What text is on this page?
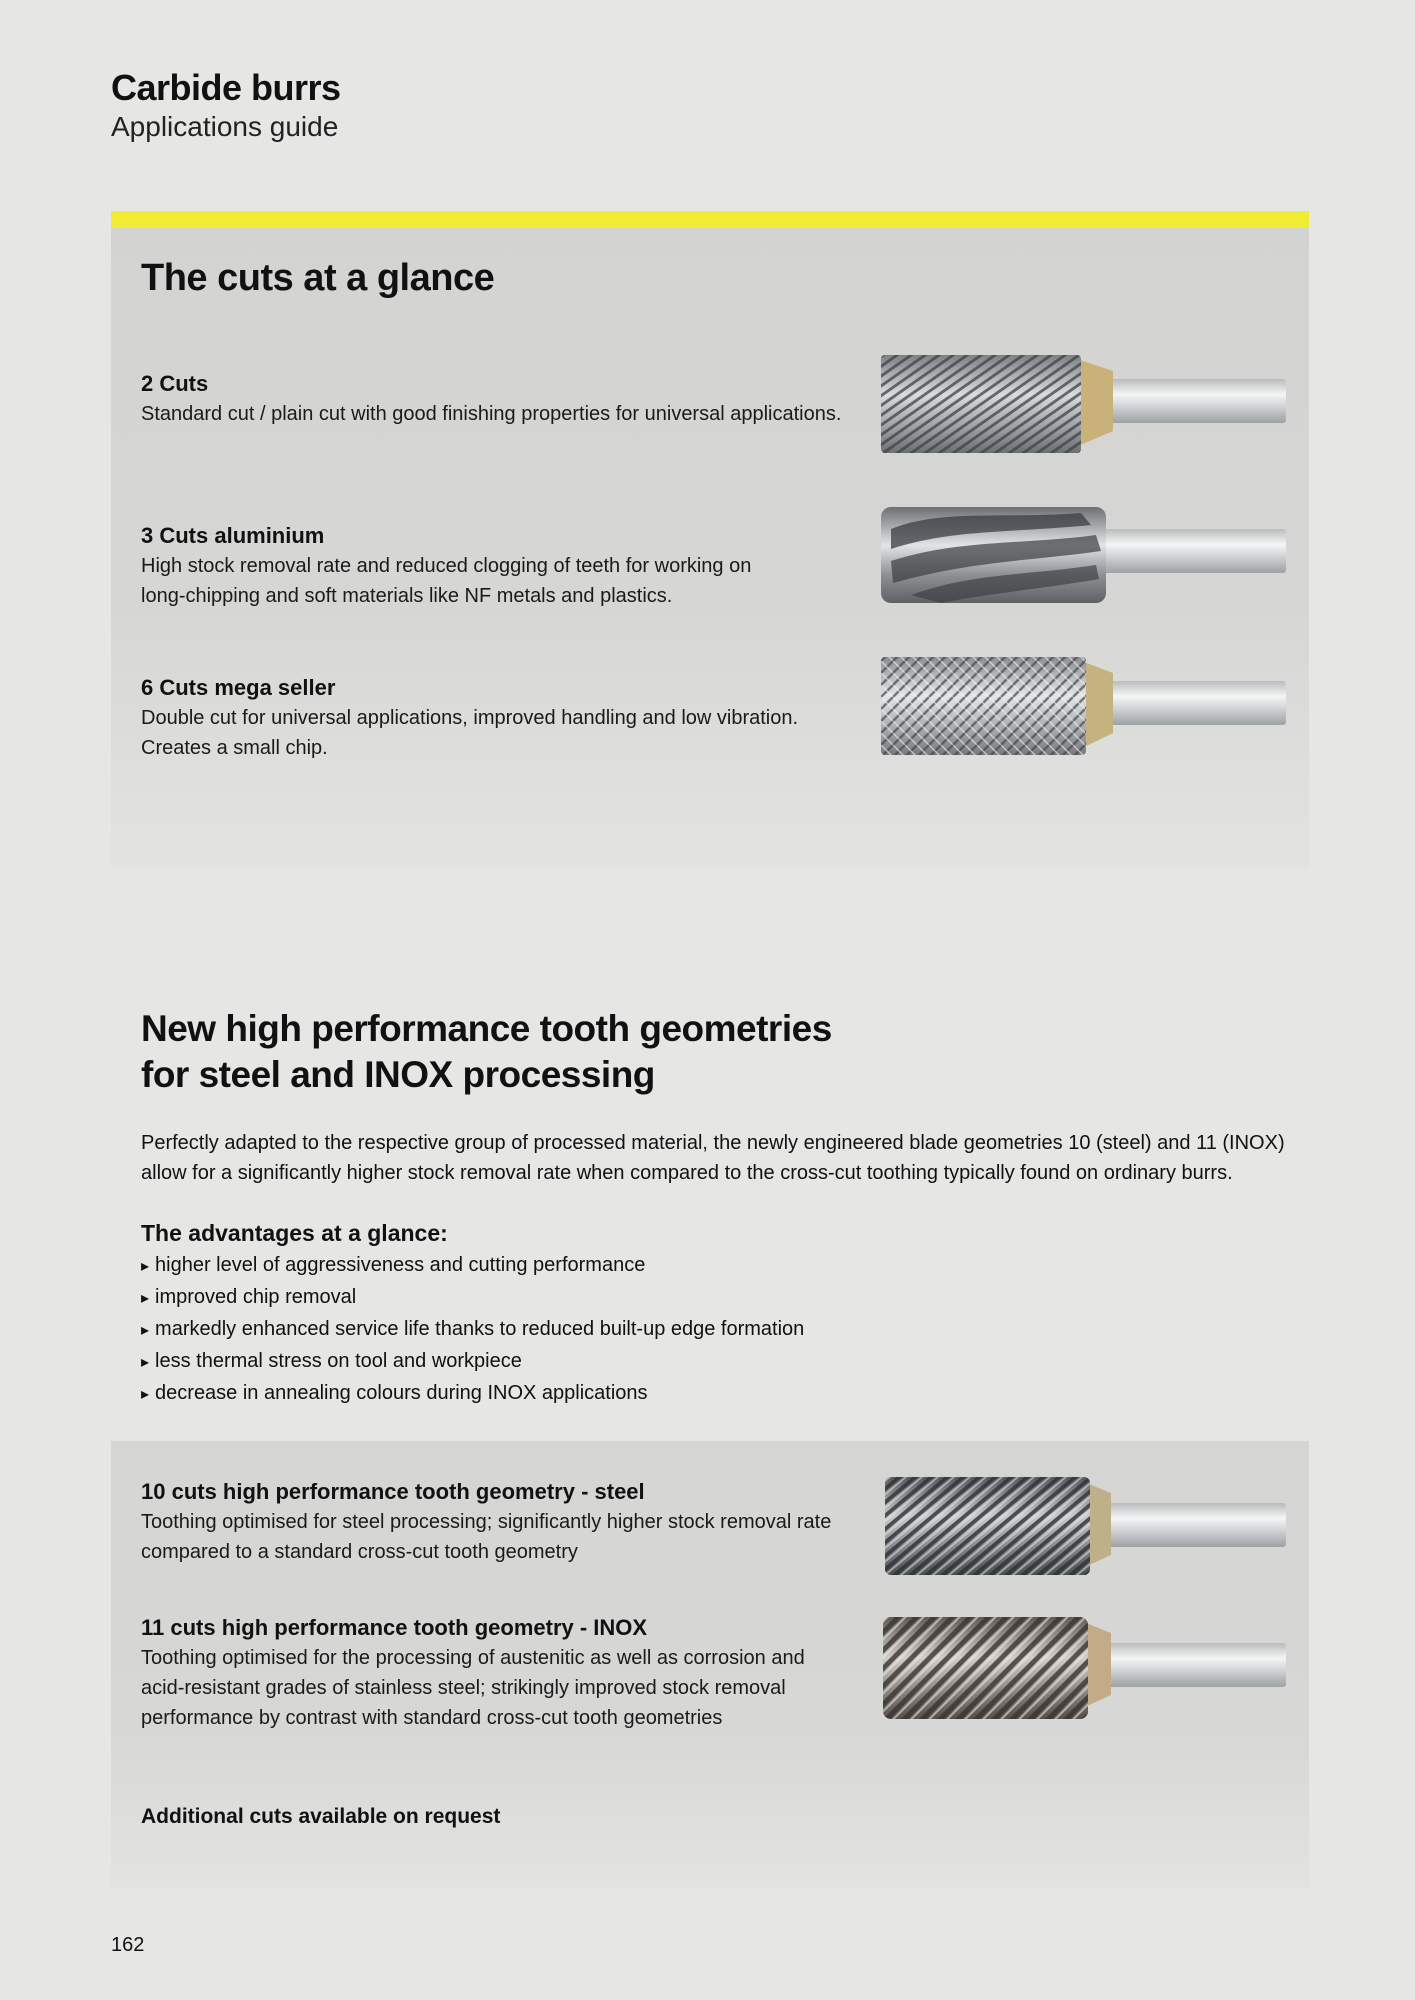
Carbide burrs
Applications guide
The cuts at a glance
2 Cuts
Standard cut / plain cut with good finishing properties for universal applications.
3 Cuts aluminium
High stock removal rate and reduced clogging of teeth for working on
long-chipping and soft materials like NF metals and plastics.
6 Cuts mega seller
Double cut for universal applications, improved handling and low vibration.
Creates a small chip.
New high performance tooth geometries
for steel and INOX processing
Perfectly adapted to the respective group of processed material, the newly engineered blade geometries 10 (steel) and 11 (INOX)
allow for a significantly higher stock removal rate when compared to the cross-cut toothing typically found on ordinary burrs.
The advantages at a glance:
▸ higher level of aggressiveness and cutting performance
▸ improved chip removal
▸ markedly enhanced service life thanks to reduced built-up edge formation
▸ less thermal stress on tool and workpiece
▸ decrease in annealing colours during INOX applications
10 cuts high performance tooth geometry - steel
Toothing optimised for steel processing; significantly higher stock removal rate
compared to a standard cross-cut tooth geometry
11 cuts high performance tooth geometry - INOX
Toothing optimised for the processing of austenitic as well as corrosion and
acid-resistant grades of stainless steel; strikingly improved stock removal
performance by contrast with standard cross-cut tooth geometries
Additional cuts available on request
162
